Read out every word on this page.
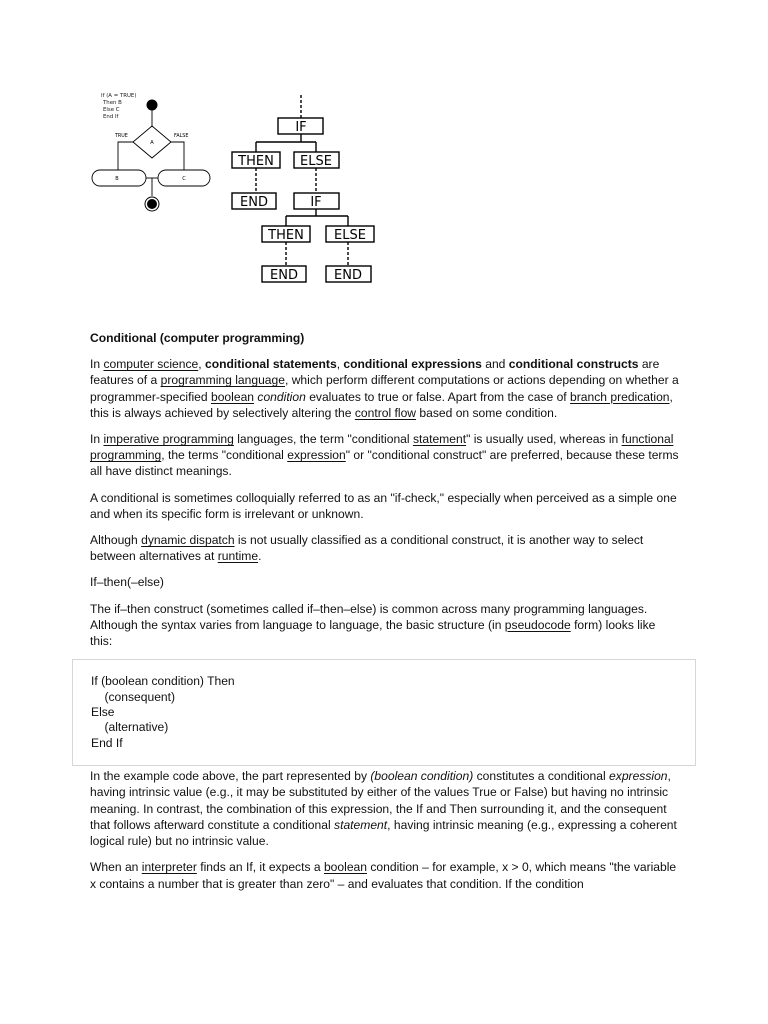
If (A = TRUE)
Then B
Else C
End If
A
TRUE	FALSE
B	C
IF
THEN ELSE
END	IF
THEN ELSE
END	END

Conditional (computer programming)

In computer science, conditional statements, conditional expressions and conditional constructs are features of a programming language, which perform different computations or actions depending on whether a programmer-specified boolean condition evaluates to true or false. Apart from the case of branch predication, this is always achieved by selectively altering the control flow based on some condition.

In imperative programming languages, the term "conditional statement" is usually used, whereas in functional programming, the terms "conditional expression" or "conditional construct" are preferred, because these terms all have distinct meanings.

A conditional is sometimes colloquially referred to as an "if-check," especially when perceived as a simple one and when its specific form is irrelevant or unknown.

Although dynamic dispatch is not usually classified as a conditional construct, it is another way to select between alternatives at runtime.

If–then(–else)

The if–then construct (sometimes called if–then–else) is common across many programming languages. Although the syntax varies from language to language, the basic structure (in pseudocode form) looks like this:

If (boolean condition) Then
(consequent)
Else
(alternative)
End If

In the example code above, the part represented by (boolean condition) constitutes a conditional expression, having intrinsic value (e.g., it may be substituted by either of the values True or False) but having no intrinsic meaning. In contrast, the combination of this expression, the If and Then surrounding it, and the consequent that follows afterward constitute a conditional statement, having intrinsic meaning (e.g., expressing a coherent logical rule) but no intrinsic value.

When an interpreter finds an If, it expects a boolean condition – for example, x > 0, which means "the variable x contains a number that is greater than zero" – and evaluates that condition. If the condition
